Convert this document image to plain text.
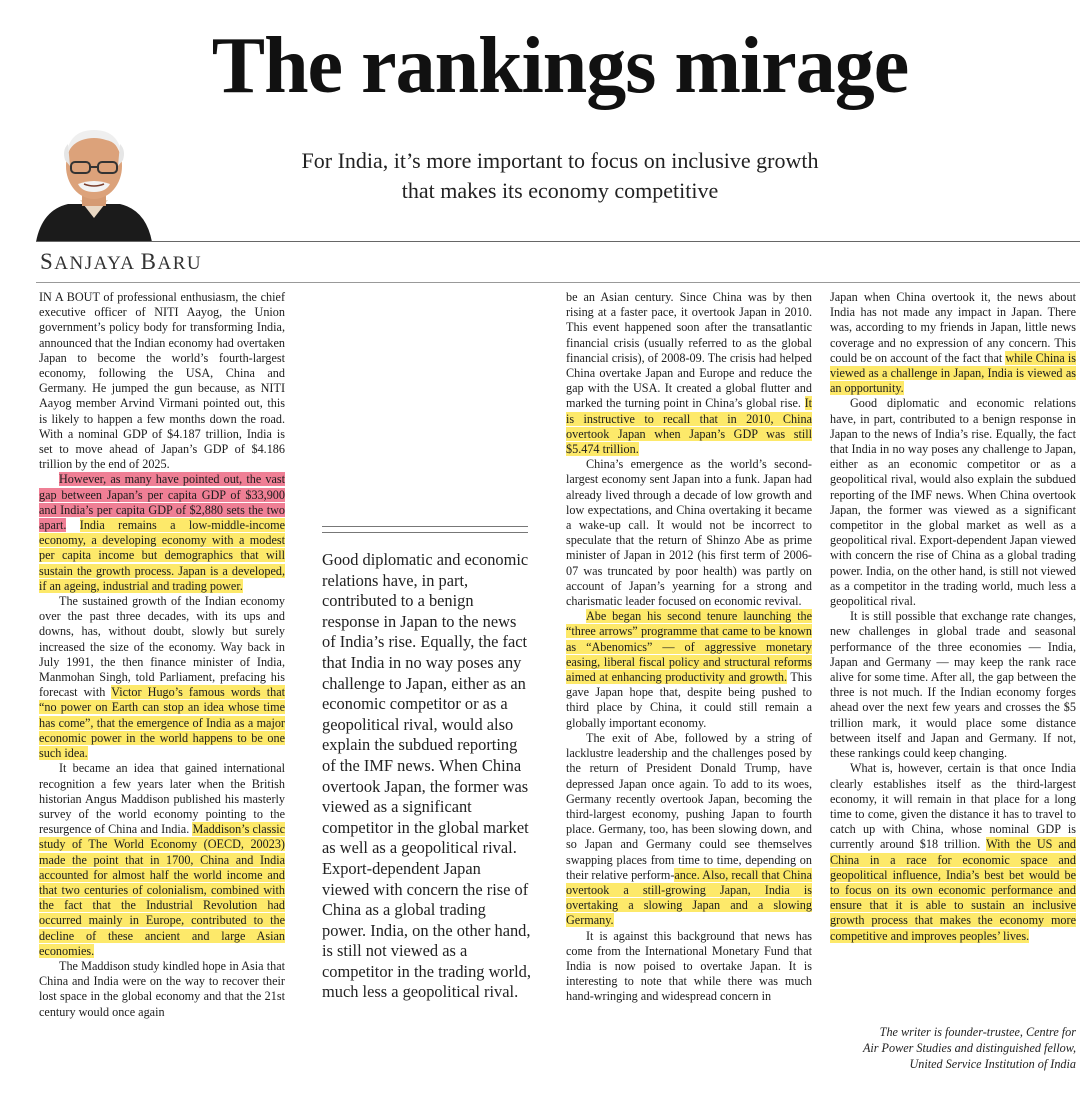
The rankings mirage
For India, it’s more important to focus on inclusive growth that makes its economy competitive
SANJAYA BARU

IN A BOUT of professional enthusiasm, the chief executive officer of NITI Aayog, the Union government’s policy body for transforming India, announced that the Indian economy had overtaken Japan to become the world’s fourth-largest economy, following the USA, China and Germany. He jumped the gun because, as NITI Aayog member Arvind Virmani pointed out, this is likely to happen a few months down the road. With a nominal GDP of $4.187 trillion, India is set to move ahead of Japan’s GDP of $4.186 trillion by the end of 2025.

However, as many have pointed out, the vast gap between Japan’s per capita GDP of $33,900 and India’s per capita GDP of $2,880 sets the two apart. India remains a low-middle-income economy, a developing economy with a modest per capita income but demographics that will sustain the growth process. Japan is a developed, if an ageing, industrial and trading power.

The sustained growth of the Indian economy over the past three decades, with its ups and downs, has, without doubt, slowly but surely increased the size of the economy. Way back in July 1991, the then finance minister of India, Manmohan Singh, told Parliament, prefacing his forecast with Victor Hugo’s famous words that “no power on Earth can stop an idea whose time has come”, that the emergence of India as a major economic power in the world happens to be one such idea.

It became an idea that gained international recognition a few years later when the British historian Angus Maddison published his masterly survey of the world economy pointing to the resurgence of China and India. Maddison’s classic study of The World Economy (OECD, 20023) made the point that in 1700, China and India accounted for almost half the world income and that two centuries of colonialism, combined with the fact that the Industrial Revolution had occurred mainly in Europe, contributed to the decline of these ancient and large Asian economies.

The Maddison study kindled hope in Asia that China and India were on the way to recover their lost space in the global economy and that the 21st century would once again

Good diplomatic and economic relations have, in part, contributed to a benign response in Japan to the news of India’s rise. Equally, the fact that India in no way poses any challenge to Japan, either as an economic competitor or as a geopolitical rival, would also explain the subdued reporting of the IMF news. When China overtook Japan, the former was viewed as a significant competitor in the global market as well as a geopolitical rival. Export-dependent Japan viewed with concern the rise of China as a global trading power. India, on the other hand, is still not viewed as a competitor in the trading world, much less a geopolitical rival.

be an Asian century. Since China was by then rising at a faster pace, it overtook Japan in 2010. This event happened soon after the transatlantic financial crisis (usually referred to as the global financial crisis), of 2008-09. The crisis had helped China overtake Japan and Europe and reduce the gap with the USA. It created a global flutter and marked the turning point in China’s global rise. It is instructive to recall that in 2010, China overtook Japan when Japan’s GDP was still $5.474 trillion.

China’s emergence as the world’s second-largest economy sent Japan into a funk. Japan had already lived through a decade of low growth and low expectations, and China overtaking it became a wake-up call. It would not be incorrect to speculate that the return of Shinzo Abe as prime minister of Japan in 2012 (his first term of 2006-07 was truncated by poor health) was partly on account of Japan’s yearning for a strong and charismatic leader focused on economic revival.

Abe began his second tenure launching the “three arrows” programme that came to be known as “Abenomics” — of aggressive monetary easing, liberal fiscal policy and structural reforms aimed at enhancing productivity and growth. This gave Japan hope that, despite being pushed to third place by China, it could still remain a globally important economy.

The exit of Abe, followed by a string of lacklustre leadership and the challenges posed by the return of President Donald Trump, have depressed Japan once again. To add to its woes, Germany recently overtook Japan, becoming the third-largest economy, pushing Japan to fourth place. Germany, too, has been slowing down, and so Japan and Germany could see themselves swapping places from time to time, depending on their relative perform-ance. Also, recall that China overtook a still-growing Japan, India is overtaking a slowing Japan and a slowing Germany.

It is against this background that news has come from the International Monetary Fund that India is now poised to overtake Japan. It is interesting to note that while there was much hand-wringing and widespread concern in

Japan when China overtook it, the news about India has not made any impact in Japan. There was, according to my friends in Japan, little news coverage and no expression of any concern. This could be on account of the fact that while China is viewed as a challenge in Japan, India is viewed as an opportunity.

Good diplomatic and economic relations have, in part, contributed to a benign response in Japan to the news of India’s rise. Equally, the fact that India in no way poses any challenge to Japan, either as an economic competitor or as a geopolitical rival, would also explain the subdued reporting of the IMF news. When China overtook Japan, the former was viewed as a significant competitor in the global market as well as a geopolitical rival. Export-dependent Japan viewed with concern the rise of China as a global trading power. India, on the other hand, is still not viewed as a competitor in the trading world, much less a geopolitical rival.

It is still possible that exchange rate changes, new challenges in global trade and seasonal performance of the three economies — India, Japan and Germany — may keep the rank race alive for some time. After all, the gap between the three is not much. If the Indian economy forges ahead over the next few years and crosses the $5 trillion mark, it would place some distance between itself and Japan and Germany. If not, these rankings could keep changing.

What is, however, certain is that once India clearly establishes itself as the third-largest economy, it will remain in that place for a long time to come, given the distance it has to travel to catch up with China, whose nominal GDP is currently around $18 trillion. With the US and China in a race for economic space and geopolitical influence, India’s best bet would be to focus on its own economic performance and ensure that it is able to sustain an inclusive growth process that makes the economy more competitive and improves peoples’ lives.

The writer is founder-trustee, Centre for
Air Power Studies and distinguished fellow,
United Service Institution of India
